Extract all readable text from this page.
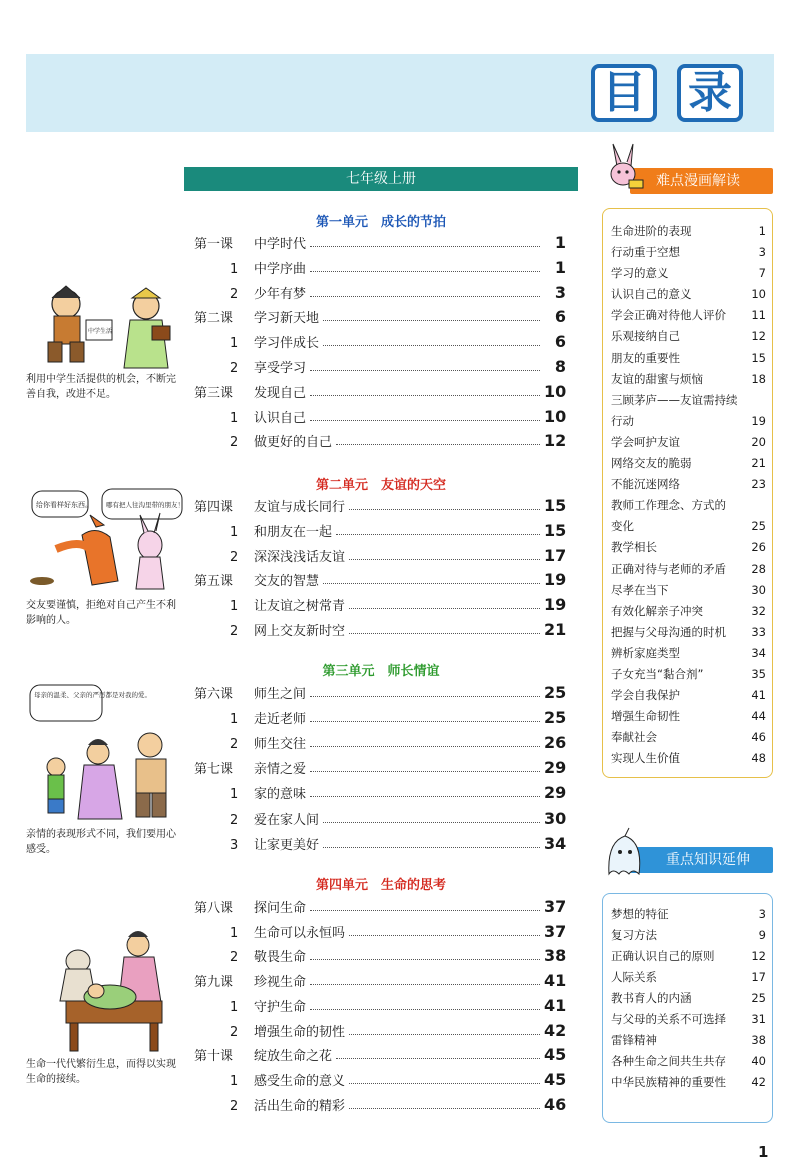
目 录
七年级上册
第一单元　成长的节拍
第一课	中学时代	1
1	中学序曲	1
2	少年有梦	3
第二课	学习新天地	6
1	学习伴成长	6
2	享受学习	8
第三课	发现自己	10
1	认识自己	10
2	做更好的自己	12
第二单元　友谊的天空
第四课	友谊与成长同行	15
1	和朋友在一起	15
2	深深浅浅话友谊	17
第五课	交友的智慧	19
1	让友谊之树常青	19
2	网上交友新时空	21
第三单元　师长情谊
第六课	师生之间	25
1	走近老师	25
2	师生交往	26
第七课	亲情之爱	29
1	家的意味	29
2	爱在家人间	30
3	让家更美好	34
第四单元　生命的思考
第八课	探问生命	37
1	生命可以永恒吗	37
2	敬畏生命	38
第九课	珍视生命	41
1	守护生命	41
2	增强生命的韧性	42
第十课	绽放生命之花	45
1	感受生命的意义	45
2	活出生命的精彩	46
中学生活
利用中学生活提供的机会，不断完善自我，改进不足。
给你看样好东西。 哪有把人往沟里带的朋友！
交友要谨慎，拒绝对自己产生不利影响的人。
母亲的温柔、父亲的严厉都是对我的爱。
亲情的表现形式不同，我们要用心感受。
生命一代代繁衍生息，而得以实现生命的接续。
难点漫画解读
生命进阶的表现	1
行动重于空想	3
学习的意义	7
认识自己的意义	10
学会正确对待他人评价 11
乐观接纳自己	12
朋友的重要性	15
友谊的甜蜜与烦恼	18
三顾茅庐——友谊需持续
行动	19
学会呵护友谊	20
网络交友的脆弱	21
不能沉迷网络	23
教师工作理念、方式的
变化	25
教学相长	26
正确对待与老师的矛盾 28
尽孝在当下	30
有效化解亲子冲突	32
把握与父母沟通的时机 33
辨析家庭类型	34
子女充当“黏合剂”	35
学会自我保护	41
增强生命韧性	44
奉献社会	46
实现人生价值	48
重点知识延伸
梦想的特征	3
复习方法	9
正确认识自己的原则	12
人际关系	17
教书育人的内涵	25
与父母的关系不可选择 31
雷锋精神	38
各种生命之间共生共存 40
中华民族精神的重要性 42
1
